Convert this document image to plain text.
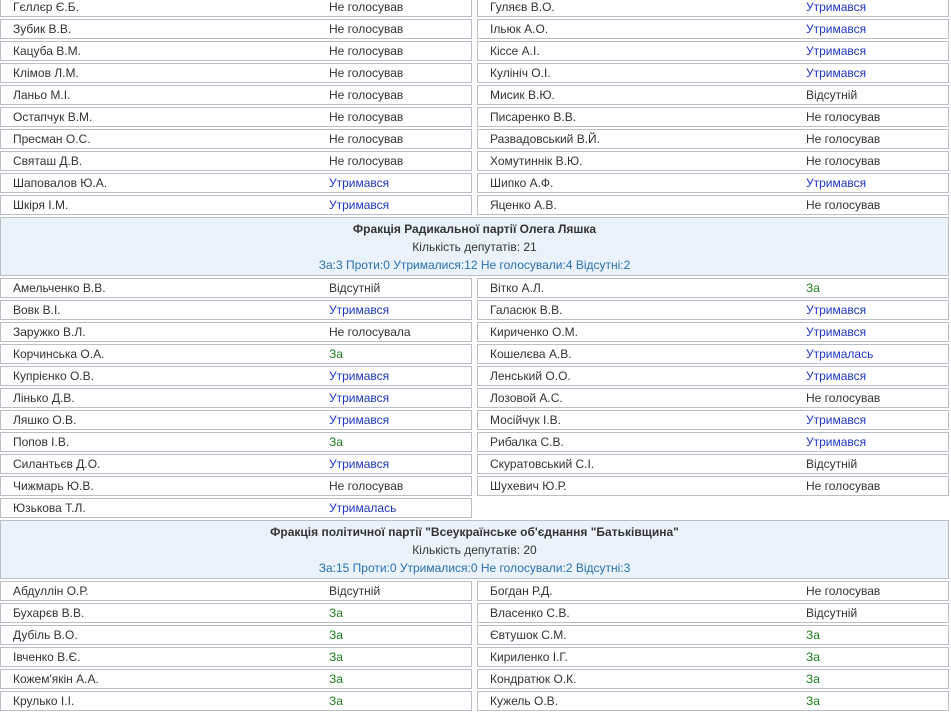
Гєллєр Є.Б.	Не голосував
Зубик В.В.	Не голосував
Кацуба В.М.	Не голосував
Клімов Л.М.	Не голосував
Ланьо М.І.	Не голосував
Остапчук В.М.	Не голосував
Пресман О.С.	Не голосував
Святаш Д.В.	Не голосував
Шаповалов Ю.А.	Утримався
Шкіря І.М.	Утримався
Гуляєв В.О.	Утримався
Ільюк А.О.	Утримався
Кіссе А.І.	Утримався
Кулініч О.І.	Утримався
Мисик В.Ю.	Відсутній
Писаренко В.В.	Не голосував
Развадовський В.Й.	Не голосував
Хомутиннік В.Ю.	Не голосував
Шипко А.Ф.	Утримався
Яценко А.В.	Не голосував
Фракція Радикальної партії Олега Ляшка
Кількість депутатів: 21
За:3 Проти:0 Утрималися:12 Не голосували:4 Відсутні:2
Амельченко В.В.	Відсутній
Вовк В.І.	Утримався
Заружко В.Л.	Не голосувала
Корчинська О.А.	За
Купрієнко О.В.	Утримався
Лінько Д.В.	Утримався
Ляшко О.В.	Утримався
Попов І.В.	За
Силантьєв Д.О.	Утримався
Чижмарь Ю.В.	Не голосував
Юзькова Т.Л.	Утрималась
Вітко А.Л.	За
Галасюк В.В.	Утримався
Кириченко О.М.	Утримався
Кошелєва А.В.	Утрималась
Ленський О.О.	Утримався
Лозовой А.С.	Не голосував
Мосійчук І.В.	Утримався
Рибалка С.В.	Утримався
Скуратовський С.І.	Відсутній
Шухевич Ю.Р.	Не голосував
Фракція політичної партії "Всеукраїнське об'єднання "Батьківщина"
Кількість депутатів: 20
За:15 Проти:0 Утрималися:0 Не голосували:2 Відсутні:3
Абдуллін О.Р.	Відсутній
Бухарєв В.В.	За
Дубіль В.О.	За
Івченко В.Є.	За
Кожем'якін А.А.	За
Крулько І.І.	За
Богдан Р.Д.	Не голосував
Власенко С.В.	Відсутній
Євтушок С.М.	За
Кириленко І.Г.	За
Кондратюк О.К.	За
Кужель О.В.	За
